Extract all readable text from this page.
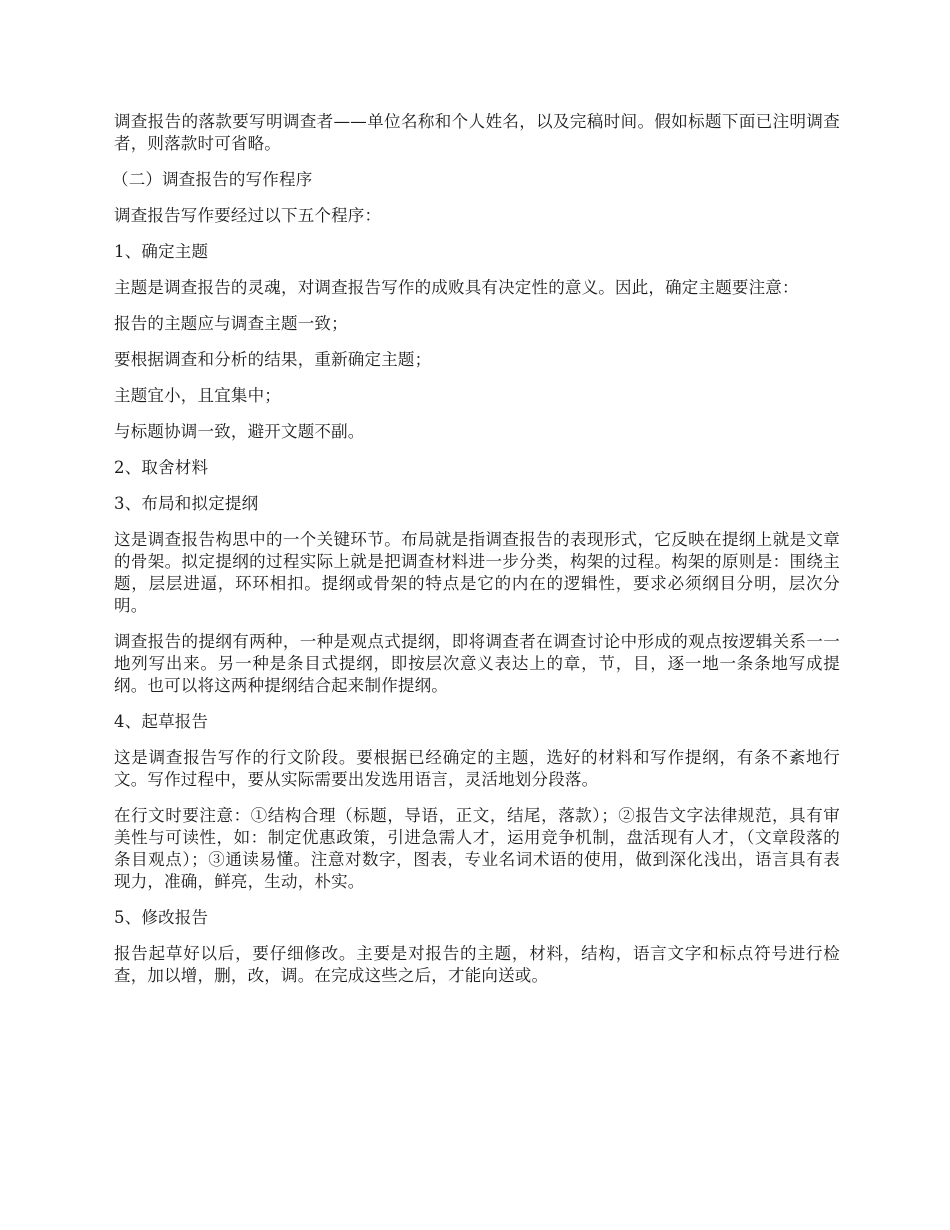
调查报告的落款要写明调查者——单位名称和个人姓名，以及完稿时间。假如标题下面已注明调查者，则落款时可省略。

（二）调查报告的写作程序

调查报告写作要经过以下五个程序：

1、确定主题

主题是调查报告的灵魂，对调查报告写作的成败具有决定性的意义。因此，确定主题要注意：

报告的主题应与调查主题一致；

要根据调查和分析的结果，重新确定主题；

主题宜小，且宜集中；

与标题协调一致，避开文题不副。

2、取舍材料

3、布局和拟定提纲

这是调查报告构思中的一个关键环节。布局就是指调查报告的表现形式，它反映在提纲上就是文章的骨架。拟定提纲的过程实际上就是把调查材料进一步分类，构架的过程。构架的原则是：围绕主题，层层进逼，环环相扣。提纲或骨架的特点是它的内在的逻辑性，要求必须纲目分明，层次分明。

调查报告的提纲有两种，一种是观点式提纲，即将调查者在调查讨论中形成的观点按逻辑关系一一地列写出来。另一种是条目式提纲，即按层次意义表达上的章，节，目，逐一地一条条地写成提纲。也可以将这两种提纲结合起来制作提纲。

4、起草报告

这是调查报告写作的行文阶段。要根据已经确定的主题，选好的材料和写作提纲，有条不紊地行文。写作过程中，要从实际需要出发选用语言，灵活地划分段落。

在行文时要注意：①结构合理（标题，导语，正文，结尾，落款）；②报告文字法律规范，具有审美性与可读性，如：制定优惠政策，引进急需人才，运用竞争机制，盘活现有人才，（文章段落的条目观点）；③通读易懂。注意对数字，图表，专业名词术语的使用，做到深化浅出，语言具有表现力，准确，鲜亮，生动，朴实。

5、修改报告

报告起草好以后，要仔细修改。主要是对报告的主题，材料，结构，语言文字和标点符号进行检查，加以增，删，改，调。在完成这些之后，才能向送或。
